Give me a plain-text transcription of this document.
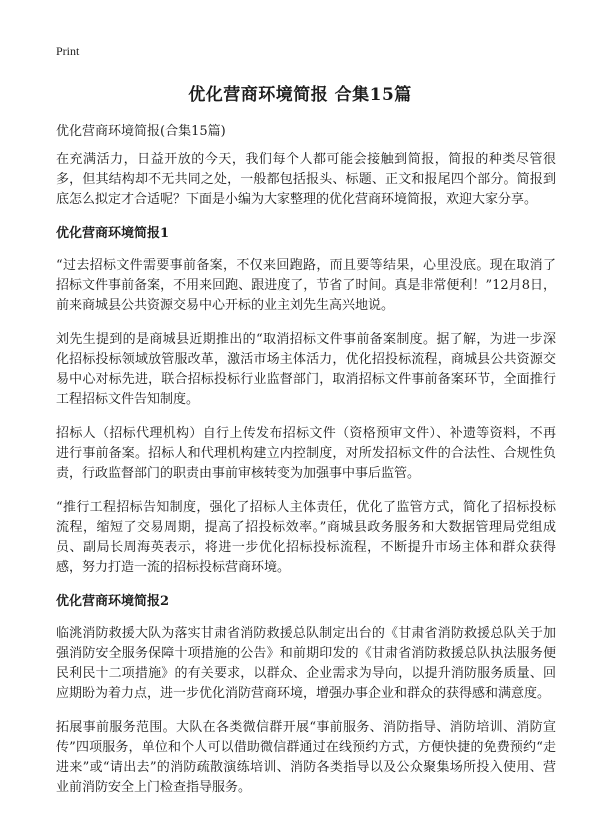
Print
优化营商环境简报 合集15篇
优化营商环境简报(合集15篇)

在充满活力，日益开放的今天，我们每个人都可能会接触到简报，简报的种类尽管很多，但其结构却不无共同之处，一般都包括报头、标题、正文和报尾四个部分。简报到底怎么拟定才合适呢？下面是小编为大家整理的优化营商环境简报，欢迎大家分享。

优化营商环境简报1

“过去招标文件需要事前备案，不仅来回跑路，而且要等结果，心里没底。现在取消了招标文件事前备案，不用来回跑、跟进度了，节省了时间。真是非常便利！”12月8日，前来商城县公共资源交易中心开标的业主刘先生高兴地说。

刘先生提到的是商城县近期推出的“取消招标文件事前备案制度。据了解，为进一步深化招标投标领域放管服改革，激活市场主体活力，优化招投标流程，商城县公共资源交易中心对标先进，联合招标投标行业监督部门，取消招标文件事前备案环节，全面推行工程招标文件告知制度。

招标人（招标代理机构）自行上传发布招标文件（资格预审文件）、补遗等资料，不再进行事前备案。招标人和代理机构建立内控制度，对所发招标文件的合法性、合规性负责，行政监督部门的职责由事前审核转变为加强事中事后监管。

“推行工程招标告知制度，强化了招标人主体责任，优化了监管方式，简化了招标投标流程，缩短了交易周期，提高了招投标效率。”商城县政务服务和大数据管理局党组成员、副局长周海英表示，将进一步优化招标投标流程，不断提升市场主体和群众获得感，努力打造一流的招标投标营商环境。

优化营商环境简报2

临洮消防救援大队为落实甘肃省消防救援总队制定出台的《甘肃省消防救援总队关于加强消防安全服务保障十项措施的公告》和前期印发的《甘肃省消防救援总队执法服务便民利民十二项措施》的有关要求，以群众、企业需求为导向，以提升消防服务质量、回应期盼为着力点，进一步优化消防营商环境，增强办事企业和群众的获得感和满意度。

拓展事前服务范围。大队在各类微信群开展“事前服务、消防指导、消防培训、消防宣传”四项服务，单位和个人可以借助微信群通过在线预约方式，方便快捷的免费预约“走进来”或“请出去”的消防疏散演练培训、消防各类指导以及公众聚集场所投入使用、营业前消防安全上门检查指导服务。
